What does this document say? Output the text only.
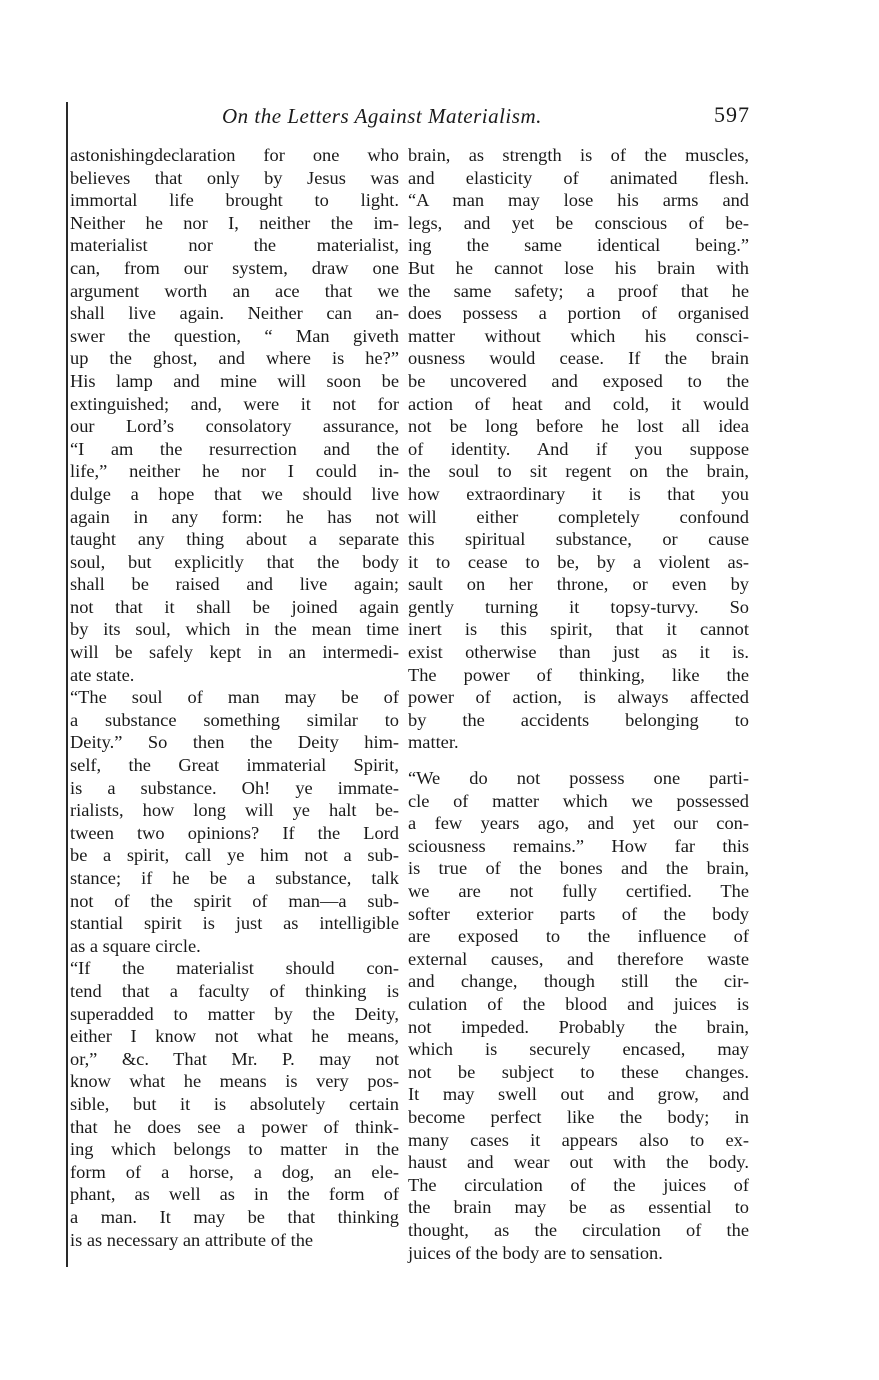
On the Letters Against Materialism.	597
astonishingdeclaration for one who
believes that only by Jesus was
immortal life brought to light.
Neither he nor I, neither the im-
materialist nor the materialist,
can, from our system, draw one
argument worth an ace that we
shall live again. Neither can an-
swer the question, “ Man giveth
up the ghost, and where is he?”
His lamp and mine will soon be
extinguished; and, were it not for
our Lord’s consolatory assurance,
“I am the resurrection and the
life,” neither he nor I could in-
dulge a hope that we should live
again in any form: he has not
taught any thing about a separate
soul, but explicitly that the body
shall be raised and live again;
not that it shall be joined again
by its soul, which in the mean time
will be safely kept in an intermedi-
ate state.
“The soul of man may be of
a substance something similar to
Deity.” So then the Deity him-
self, the Great immaterial Spirit,
is a substance. Oh! ye immate-
rialists, how long will ye halt be-
tween two opinions? If the Lord
be a spirit, call ye him not a sub-
stance; if he be a substance, talk
not of the spirit of man—a sub-
stantial spirit is just as intelligible
as a square circle.
“If the materialist should con-
tend that a faculty of thinking is
superadded to matter by the Deity,
either I know not what he means,
or,” &c. That Mr. P. may not
know what he means is very pos-
sible, but it is absolutely certain
that he does see a power of think-
ing which belongs to matter in the
form of a horse, a dog, an ele-
phant, as well as in the form of
a man. It may be that thinking
is as necessary an attribute of the
brain, as strength is of the muscles,
and elasticity of animated flesh.
“A man may lose his arms and
legs, and yet be conscious of be-
ing the same identical being.”
But he cannot lose his brain with
the same safety; a proof that he
does possess a portion of organised
matter without which his consci-
ousness would cease. If the brain
be uncovered and exposed to the
action of heat and cold, it would
not be long before he lost all idea
of identity. And if you suppose
the soul to sit regent on the brain,
how extraordinary it is that you
will either completely confound
this spiritual substance, or cause
it to cease to be, by a violent as-
sault on her throne, or even by
gently turning it topsy-turvy. So
inert is this spirit, that it cannot
exist otherwise than just as it is.
The power of thinking, like the
power of action, is always affected
by the accidents belonging to
matter.
“We do not possess one parti-
cle of matter which we possessed
a few years ago, and yet our con-
sciousness remains.” How far this
is true of the bones and the brain,
we are not fully certified. The
softer exterior parts of the body
are exposed to the influence of
external causes, and therefore waste
and change, though still the cir-
culation of the blood and juices is
not impeded. Probably the brain,
which is securely encased, may
not be subject to these changes.
It may swell out and grow, and
become perfect like the body; in
many cases it appears also to ex-
haust and wear out with the body.
The circulation of the juices of
the brain may be as essential to
thought, as the circulation of the
juices of the body are to sensation.
